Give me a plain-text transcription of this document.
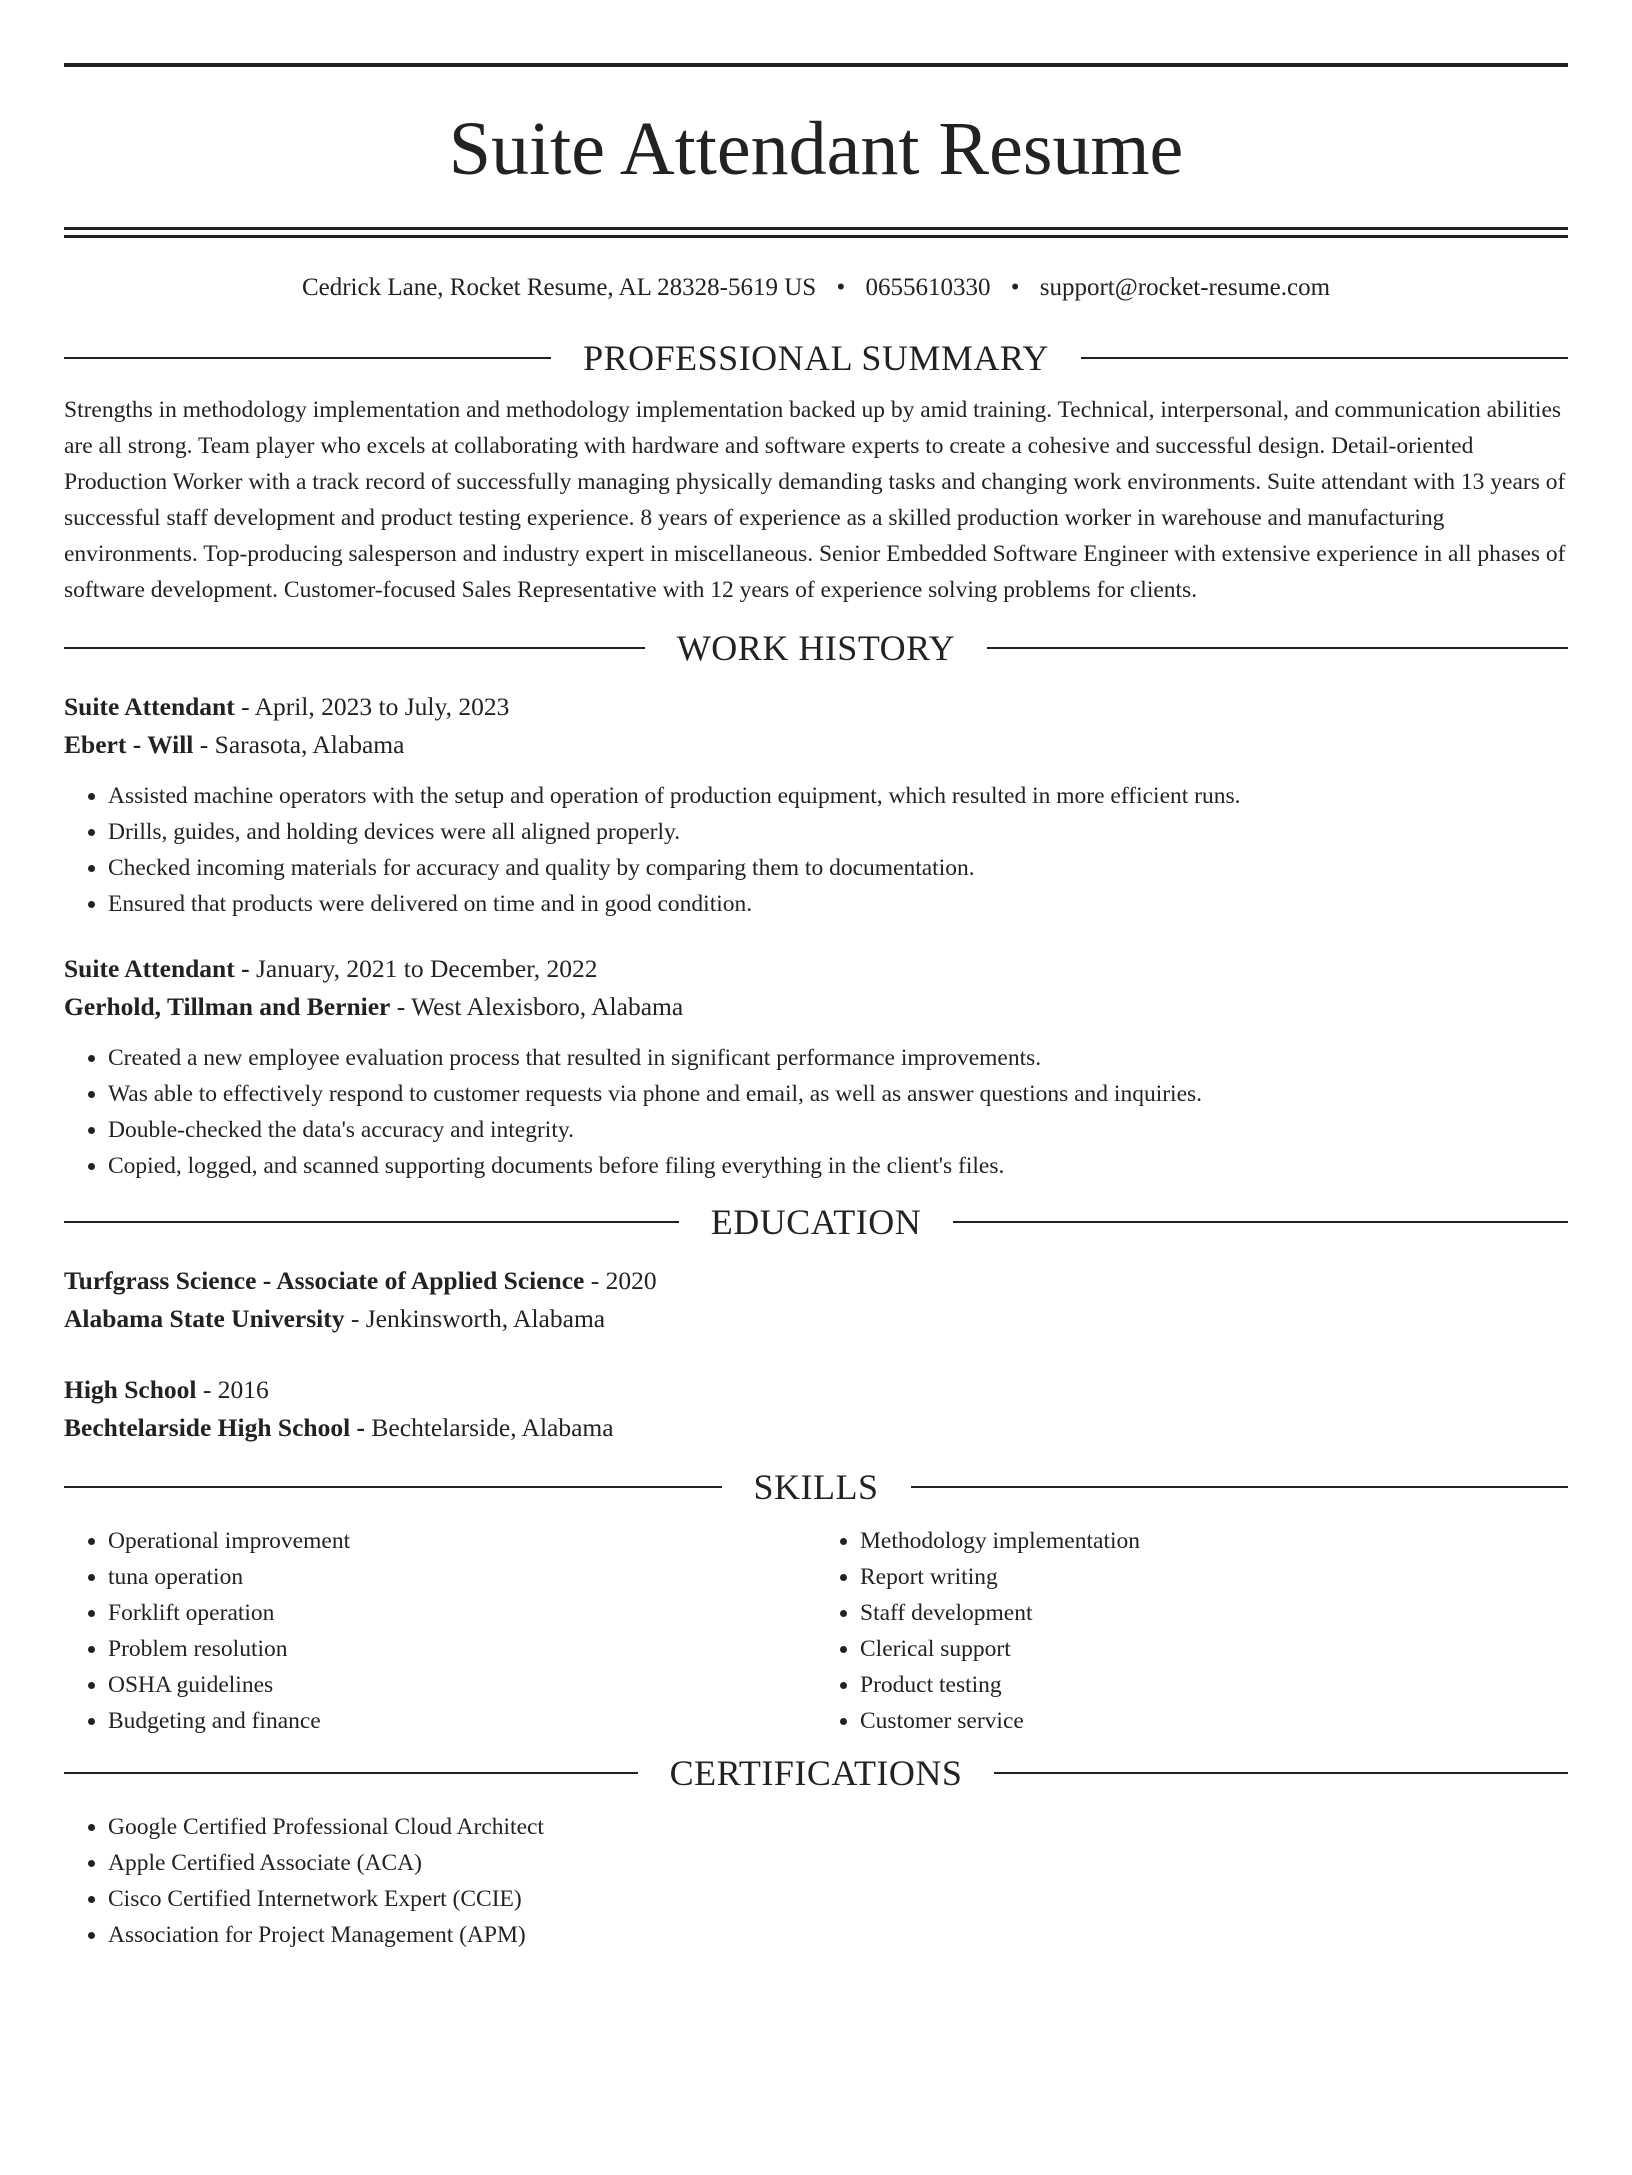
Suite Attendant Resume
Cedrick Lane, Rocket Resume, AL 28328-5619 US • 0655610330 • support@rocket-resume.com
PROFESSIONAL SUMMARY

Strengths in methodology implementation and methodology implementation backed up by amid training. Technical, interpersonal, and communication abilities are all strong. Team player who excels at collaborating with hardware and software experts to create a cohesive and successful design. Detail-oriented Production Worker with a track record of successfully managing physically demanding tasks and changing work environments. Suite attendant with 13 years of successful staff development and product testing experience. 8 years of experience as a skilled production worker in warehouse and manufacturing environments. Top-producing salesperson and industry expert in miscellaneous. Senior Embedded Software Engineer with extensive experience in all phases of software development. Customer-focused Sales Representative with 12 years of experience solving problems for clients.

WORK HISTORY

Suite Attendant - April, 2023 to July, 2023

Ebert - Will - Sarasota, Alabama

• Assisted machine operators with the setup and operation of production equipment, which resulted in more efficient runs.
• Drills, guides, and holding devices were all aligned properly.
• Checked incoming materials for accuracy and quality by comparing them to documentation.
• Ensured that products were delivered on time and in good condition.

Suite Attendant - January, 2021 to December, 2022

Gerhold, Tillman and Bernier - West Alexisboro, Alabama

• Created a new employee evaluation process that resulted in significant performance improvements.
• Was able to effectively respond to customer requests via phone and email, as well as answer questions and inquiries.
• Double-checked the data's accuracy and integrity.
• Copied, logged, and scanned supporting documents before filing everything in the client's files.
EDUCATION

Turfgrass Science - Associate of Applied Science - 2020

Alabama State University - Jenkinsworth, Alabama

High School - 2016

Bechtelarside High School - Bechtelarside, Alabama

SKILLS
• Operational improvement
• tuna operation
• Forklift operation
• Problem resolution
• OSHA guidelines
• Budgeting and finance
• Methodology implementation
• Report writing
• Staff development
• Clerical support
• Product testing
• Customer service
CERTIFICATIONS
• Google Certified Professional Cloud Architect
• Apple Certified Associate (ACA)
• Cisco Certified Internetwork Expert (CCIE)
• Association for Project Management (APM)
